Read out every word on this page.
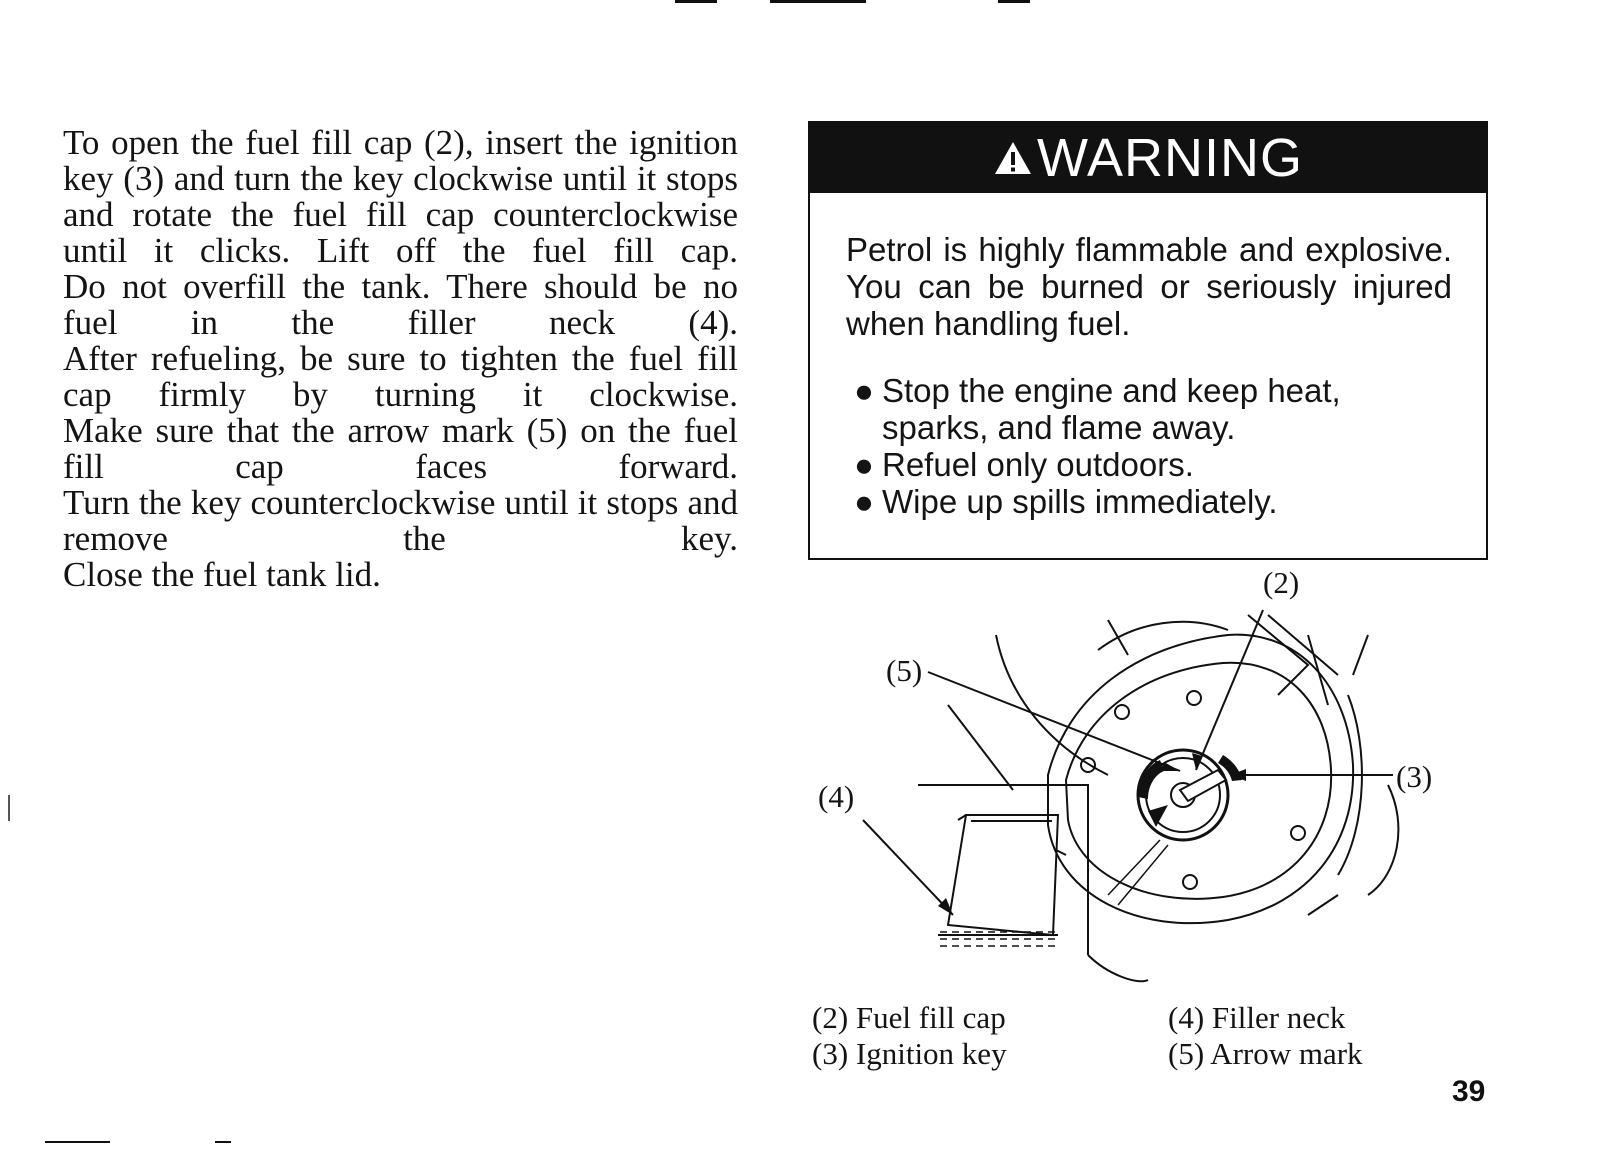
To open the fuel fill cap (2), insert the ignition key (3) and turn the key clockwise until it stops and rotate the fuel fill cap counterclockwise until it clicks. Lift off the fuel fill cap.

Do not overfill the tank. There should be no fuel in the filler neck (4).

After refueling, be sure to tighten the fuel fill cap firmly by turning it clockwise.

Make sure that the arrow mark (5) on the fuel fill cap faces forward.

Turn the key counterclockwise until it stops and remove the key.

Close the fuel tank lid.

WARNING

Petrol is highly flammable and explosive. You can be burned or seriously injured when handling fuel.

● Stop the engine and keep heat, sparks, and flame away.
● Refuel only outdoors.
● Wipe up spills immediately.
(2)
(3)
(4)
(5)
(2) Fuel fill cap
(3) Ignition key
(4) Filler neck
(5) Arrow mark
39
